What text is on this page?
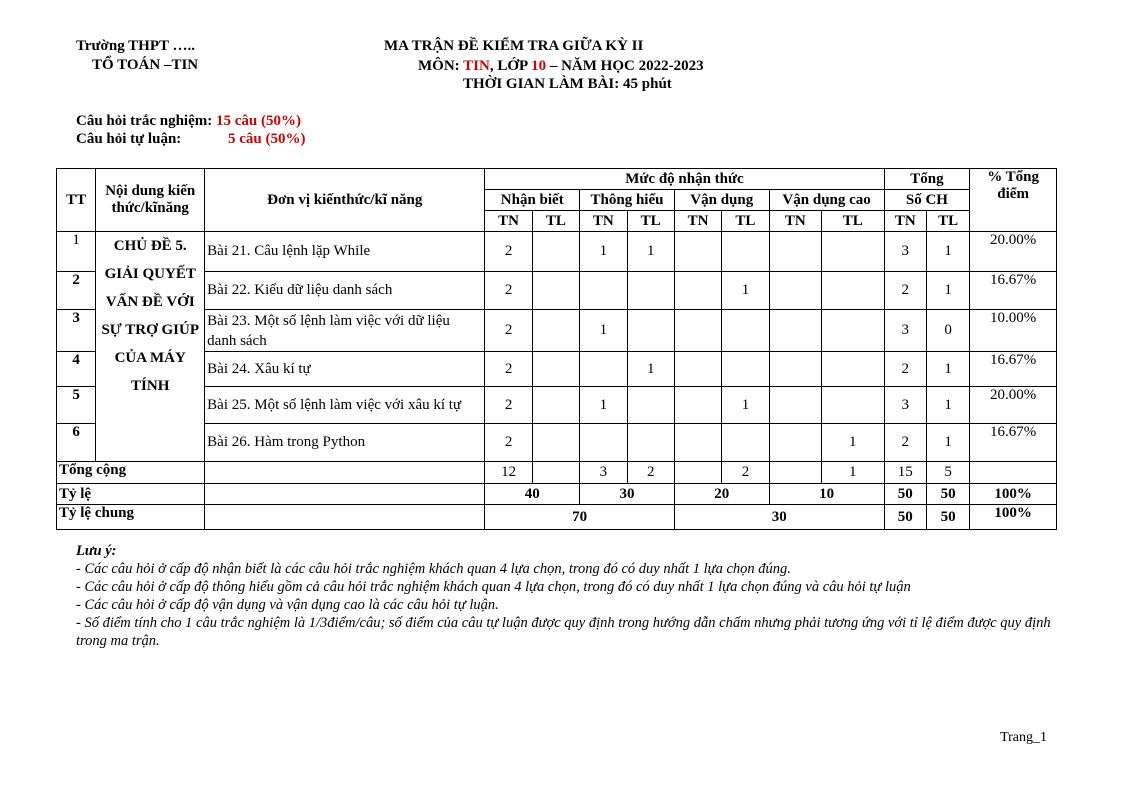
Trường THPT …..
TỔ TOÁN –TIN
MA TRẬN ĐỀ KIỂM TRA GIỮA KỲ II
MÔN: TIN, LỚP 10 – NĂM HỌC 2022-2023
THỜI GIAN LÀM BÀI: 45 phút
Câu hỏi trắc nghiệm: 15 câu (50%)
Câu hỏi tự luận:	5 câu (50%)
TT	Nội dung kiến thức/kĩnăng	Đơn vị kiếnthức/kĩ năng	Mức độ nhận thức								Tổng		% Tổng điểm
			Nhận biết		Thông hiểu		Vận dụng		Vận dụng cao		Số CH		
			TN	TL	TN	TL	TN	TL	TN	TL	TN	TL	
1	CHỦ ĐỀ 5. GIẢI QUYẾT VẤN ĐỀ VỚI SỰ TRỢ GIÚP CỦA MÁY TÍNH	Bài 21. Câu lệnh lặp While	2		1	1					3	1	20.00%
2		Bài 22. Kiểu dữ liệu danh sách	2					1			2	1	16.67%
3		Bài 23. Một số lệnh làm việc với dữ liệu danh sách	2		1						3	0	10.00%
4		Bài 24. Xâu kí tự	2			1					2	1	16.67%
5		Bài 25. Một số lệnh làm việc với xâu kí tự	2		1			1			3	1	20.00%
6		Bài 26. Hàm trong Python	2							1	2	1	16.67%
Tổng cộng			12		3	2		2		1	15	5	
Tỷ lệ			40		30		20		10		50	50	100%
Tỷ lệ chung			70				30				50	50	100%
Lưu ý:
- Các câu hỏi ở cấp độ nhận biết là các câu hỏi trắc nghiệm khách quan 4 lựa chọn, trong đó có duy nhất 1 lựa chọn đúng.
- Các câu hỏi ở cấp độ thông hiểu gồm cả câu hỏi trắc nghiệm khách quan 4 lựa chọn, trong đó có duy nhất 1 lựa chọn đúng và câu hỏi tự luận
- Các câu hỏi ở cấp độ vận dụng và vận dụng cao là các câu hỏi tự luận.
- Số điểm tính cho 1 câu trắc nghiệm là 1/3điểm/câu; số điểm của câu tự luận được quy định trong hướng dẫn chấm nhưng phải tương ứng với tỉ lệ điểm được quy định trong ma trận.
Trang_1
